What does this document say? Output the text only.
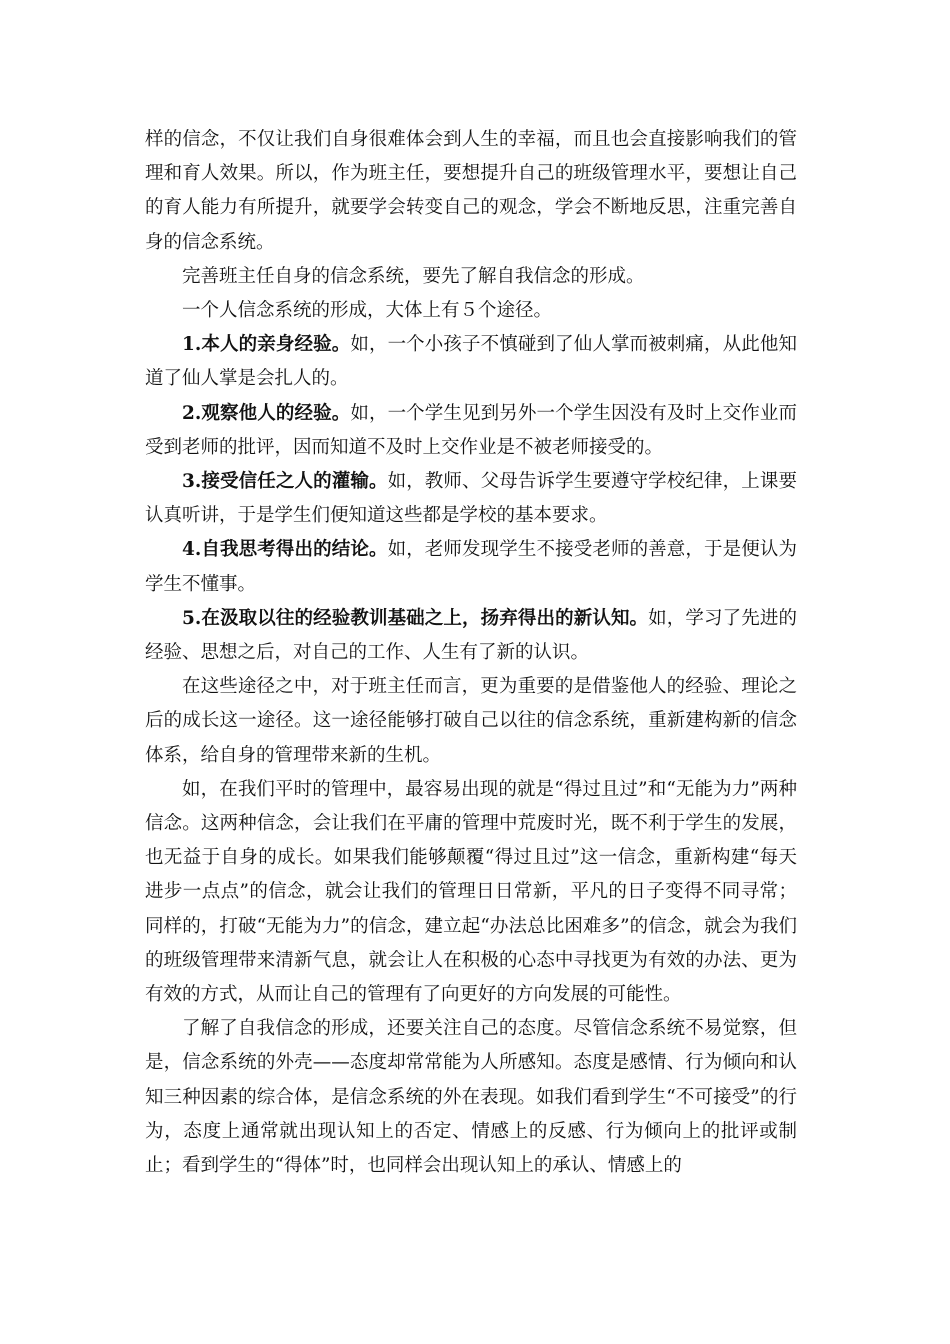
样的信念，不仅让我们自身很难体会到人生的幸福，而且也会直接影响我们的管理和育人效果。所以，作为班主任，要想提升自己的班级管理水平，要想让自己的育人能力有所提升，就要学会转变自己的观念，学会不断地反思，注重完善自身的信念系统。

完善班主任自身的信念系统，要先了解自我信念的形成。

一个人信念系统的形成，大体上有５个途径。

1.本人的亲身经验。如，一个小孩子不慎碰到了仙人掌而被刺痛，从此他知道了仙人掌是会扎人的。

2.观察他人的经验。如，一个学生见到另外一个学生因没有及时上交作业而受到老师的批评，因而知道不及时上交作业是不被老师接受的。

3.接受信任之人的灌输。如，教师、父母告诉学生要遵守学校纪律，上课要认真听讲，于是学生们便知道这些都是学校的基本要求。

4.自我思考得出的结论。如，老师发现学生不接受老师的善意，于是便认为学生不懂事。

5.在汲取以往的经验教训基础之上，扬弃得出的新认知。如，学习了先进的经验、思想之后，对自己的工作、人生有了新的认识。

在这些途径之中，对于班主任而言，更为重要的是借鉴他人的经验、理论之后的成长这一途径。这一途径能够打破自己以往的信念系统，重新建构新的信念体系，给自身的管理带来新的生机。

如，在我们平时的管理中，最容易出现的就是“得过且过”和“无能为力”两种信念。这两种信念，会让我们在平庸的管理中荒废时光，既不利于学生的发展，也无益于自身的成长。如果我们能够颠覆“得过且过”这一信念，重新构建“每天进步一点点”的信念，就会让我们的管理日日常新，平凡的日子变得不同寻常；同样的，打破“无能为力”的信念，建立起“办法总比困难多”的信念，就会为我们的班级管理带来清新气息，就会让人在积极的心态中寻找更为有效的办法、更为有效的方式，从而让自己的管理有了向更好的方向发展的可能性。

了解了自我信念的形成，还要关注自己的态度。尽管信念系统不易觉察，但是，信念系统的外壳——态度却常常能为人所感知。态度是感情、行为倾向和认知三种因素的综合体，是信念系统的外在表现。如我们看到学生“不可接受”的行为，态度上通常就出现认知上的否定、情感上的反感、行为倾向上的批评或制止；看到学生的“得体”时，也同样会出现认知上的承认、情感上的
